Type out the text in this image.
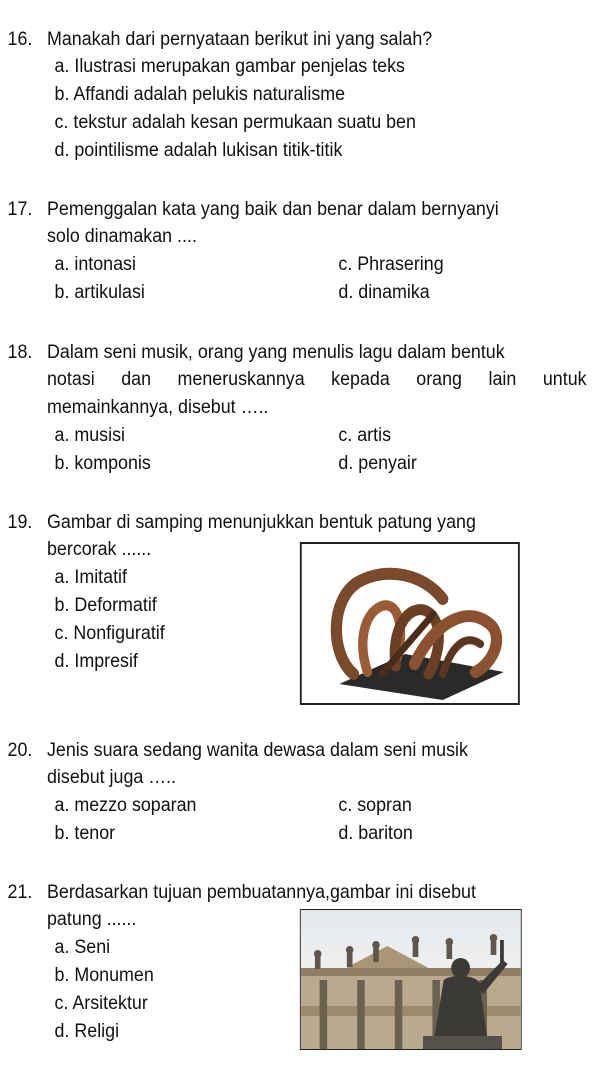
16. Manakah dari pernyataan berikut ini yang salah?
a. Ilustrasi merupakan gambar penjelas teks
b. Affandi adalah pelukis naturalisme
c. tekstur adalah kesan permukaan suatu ben
d. pointilisme adalah lukisan titik-titik
17. Pemenggalan kata yang baik dan benar dalam bernyanyi
solo dinamakan ....
a. intonasi	c. Phrasering
b. artikulasi	d. dinamika
18. Dalam seni musik, orang yang menulis lagu dalam bentuk
notasi dan meneruskannya kepada orang lain untuk
memainkannya, disebut …..
a. musisi	c. artis
b. komponis	d. penyair
19. Gambar di samping menunjukkan bentuk patung yang
bercorak ......
a. Imitatif
b. Deformatif
c. Nonfiguratif
d. Impresif
20. Jenis suara sedang wanita dewasa dalam seni musik
disebut juga …..
a. mezzo soparan	c. sopran
b. tenor	d. bariton
21. Berdasarkan tujuan pembuatannya,gambar ini disebut
patung ......
a. Seni
b. Monumen
c. Arsitektur
d. Religi
